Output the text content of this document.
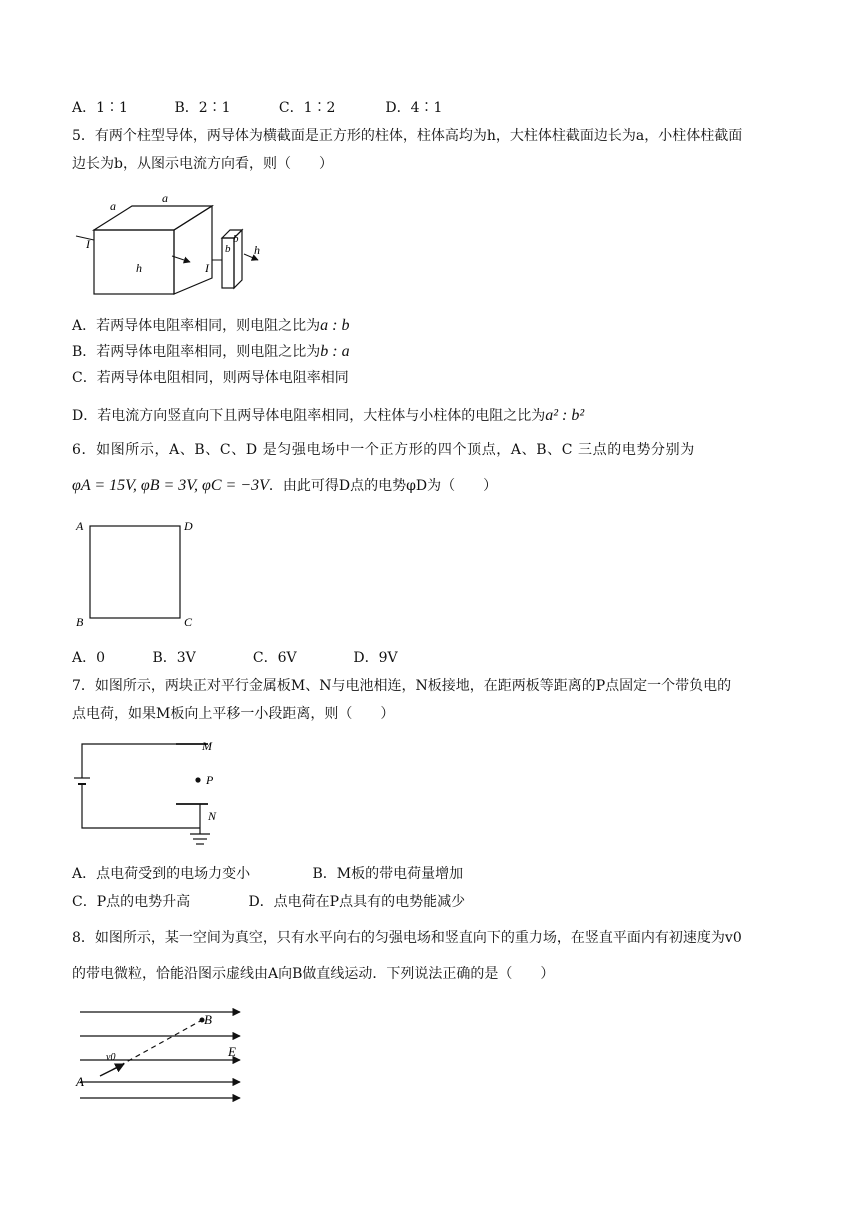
A．1∶1	B．2∶1	C．1∶2	D．4∶1
5．有两个柱型导体，两导体为横截面是正方形的柱体，柱体高均为h，大柱体柱截面边长为a，小柱体柱截面
边长为b，从图示电流方向看，则（　　）
a
a
h
I
I
b
b
h
A．若两导体电阻率相同，则电阻之比为a : b
B．若两导体电阻率相同，则电阻之比为b : a
C．若两导体电阻相同，则两导体电阻率相同
D．若电流方向竖直向下且两导体电阻率相同，大柱体与小柱体的电阻之比为a² : b²
6．如图所示，A、B、C、D 是匀强电场中一个正方形的四个顶点，A、B、C 三点的电势分别为
φA = 15V, φB = 3V, φC = −3V．由此可得D点的电势φD为（　　）
A	D
B	C
A．0	B．3V	C．6V	D．9V
7．如图所示，两块正对平行金属板M、N与电池相连，N板接地，在距两板等距离的P点固定一个带负电的
点电荷，如果M板向上平移一小段距离，则（　　）
M
P
N
A．点电荷受到的电场力变小	B．M板的带电荷量增加
C．P点的电势升高	D．点电荷在P点具有的电势能减少
8．如图所示，某一空间为真空，只有水平向右的匀强电场和竖直向下的重力场，在竖直平面内有初速度为v0
的带电微粒，恰能沿图示虚线由A向B做直线运动．下列说法正确的是（　　）
A
B
E
v0
